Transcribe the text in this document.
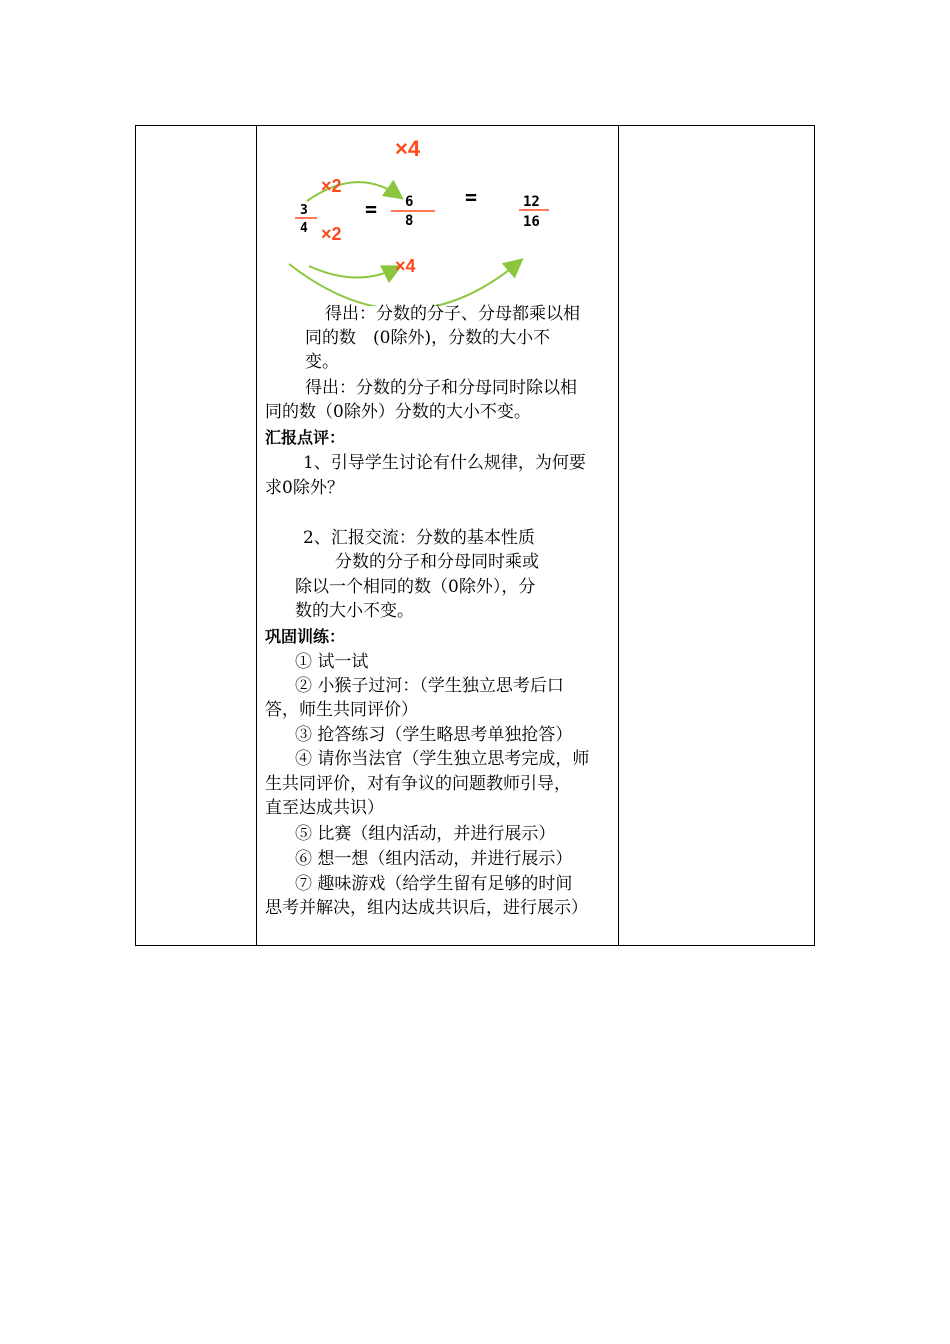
×4
×2
×2
×4
3
4
= 6
8
=	12
16
得出：分数的分子、分母都乘以相
同的数　(0除外)，分数的大小不
变。
得出：分数的分子和分母同时除以相
同的数（0除外）分数的大小不变。
汇报点评：
1、引导学生讨论有什么规律，为何要
求0除外？
2、汇报交流：分数的基本性质
分数的分子和分母同时乘或
除以一个相同的数（0除外），分
数的大小不变。
巩固训练：
① 试一试
② 小猴子过河：（学生独立思考后口
答，师生共同评价）
③ 抢答练习（学生略思考单独抢答）
④ 请你当法官（学生独立思考完成，师
生共同评价，对有争议的问题教师引导，
直至达成共识）
⑤ 比赛（组内活动，并进行展示）
⑥ 想一想（组内活动，并进行展示）
⑦ 趣味游戏（给学生留有足够的时间
思考并解决，组内达成共识后，进行展示）
